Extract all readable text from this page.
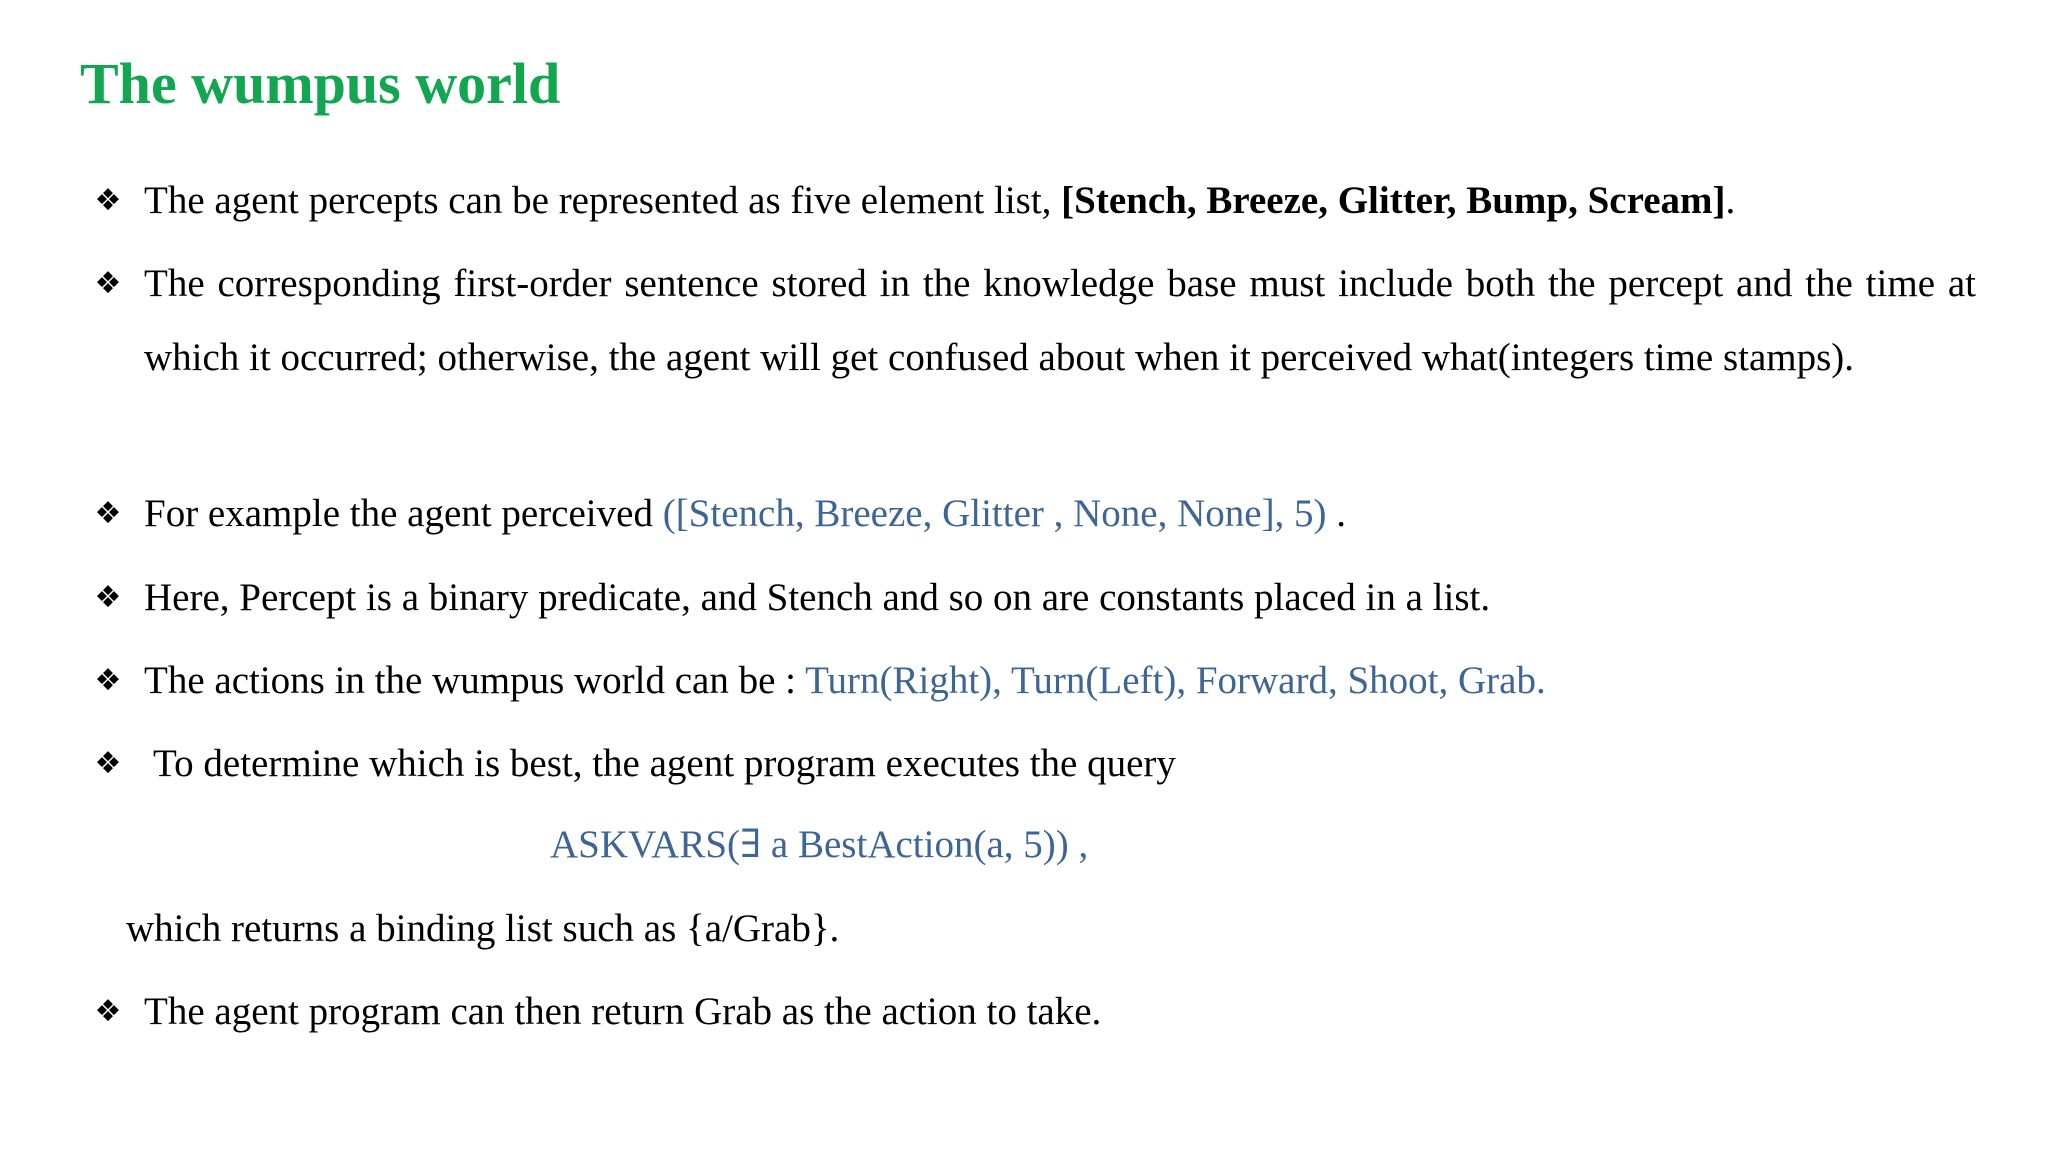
The wumpus world
❖ The agent percepts can be represented as five element list, [Stench, Breeze, Glitter, Bump, Scream].
❖ The corresponding first-order sentence stored in the knowledge base must include both the percept and the time at which it occurred; otherwise, the agent will get confused about when it perceived what(integers time stamps).
❖ For example the agent perceived ([Stench, Breeze, Glitter , None, None], 5) .
❖ Here, Percept is a binary predicate, and Stench and so on are constants placed in a list.
❖ The actions in the wumpus world can be : Turn(Right), Turn(Left), Forward, Shoot, Grab.
❖ To determine which is best, the agent program executes the query
ASKVARS(∃ a BestAction(a, 5)) ,
which returns a binding list such as {a/Grab}.
❖ The agent program can then return Grab as the action to take.
